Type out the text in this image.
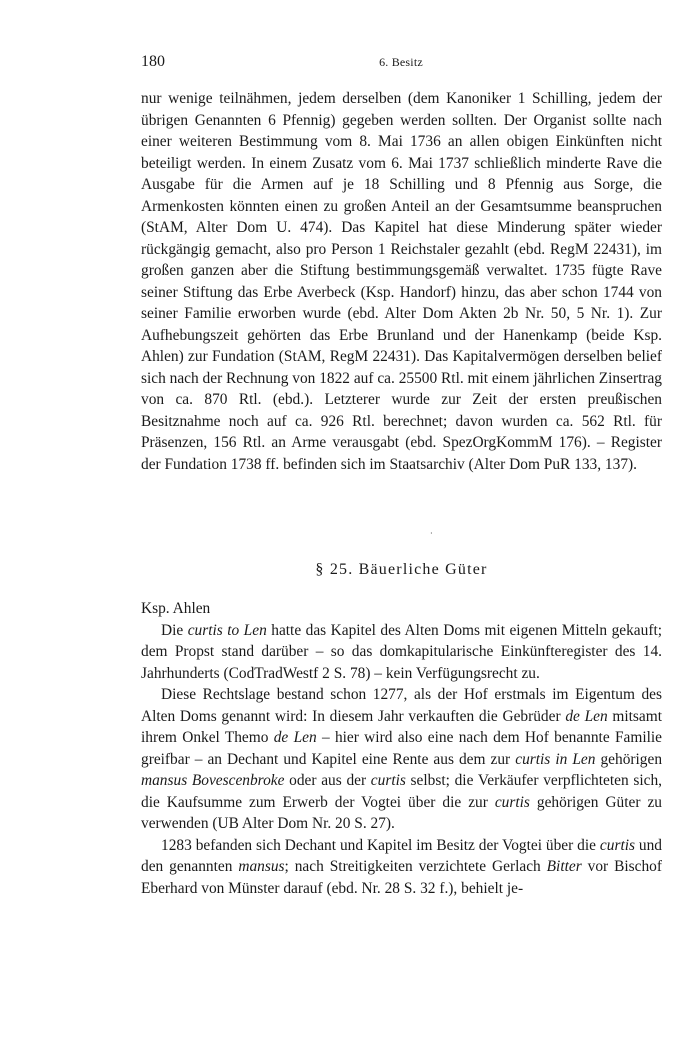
180	6. Besitz

nur wenige teilnähmen, jedem derselben (dem Kanoniker 1 Schilling, jedem der übrigen Genannten 6 Pfennig) gegeben werden sollten. Der Organist sollte nach einer weiteren Bestimmung vom 8. Mai 1736 an allen obigen Einkünften nicht beteiligt werden. In einem Zusatz vom 6. Mai 1737 schließlich minderte Rave die Ausgabe für die Armen auf je 18 Schilling und 8 Pfennig aus Sorge, die Armenkosten könnten einen zu großen Anteil an der Gesamtsumme beanspruchen (StAM, Alter Dom U. 474). Das Kapitel hat diese Minderung später wieder rückgängig gemacht, also pro Person 1 Reichstaler gezahlt (ebd. RegM 22431), im großen ganzen aber die Stiftung bestimmungsgemäß verwaltet. 1735 fügte Rave seiner Stiftung das Erbe Averbeck (Ksp. Handorf) hinzu, das aber schon 1744 von seiner Familie erworben wurde (ebd. Alter Dom Akten 2b Nr. 50, 5 Nr. 1). Zur Aufhebungszeit gehörten das Erbe Brunland und der Hanenkamp (beide Ksp. Ahlen) zur Fundation (StAM, RegM 22431). Das Kapitalvermögen derselben belief sich nach der Rechnung von 1822 auf ca. 25500 Rtl. mit einem jährlichen Zinsertrag von ca. 870 Rtl. (ebd.). Letzterer wurde zur Zeit der ersten preußischen Besitznahme noch auf ca. 926 Rtl. berechnet; davon wurden ca. 562 Rtl. für Präsenzen, 156 Rtl. an Arme verausgabt (ebd. SpezOrgKommM 176). – Register der Fundation 1738 ff. befinden sich im Staatsarchiv (Alter Dom PuR 133, 137).

·
§ 25. Bäuerliche Güter

Ksp. Ahlen

Die curtis to Len hatte das Kapitel des Alten Doms mit eigenen Mitteln gekauft; dem Propst stand darüber – so das domkapitularische Einkünfteregister des 14. Jahrhunderts (CodTradWestf 2 S. 78) – kein Verfügungsrecht zu.

Diese Rechtslage bestand schon 1277, als der Hof erstmals im Eigentum des Alten Doms genannt wird: In diesem Jahr verkauften die Gebrüder de Len mitsamt ihrem Onkel Themo de Len – hier wird also eine nach dem Hof benannte Familie greifbar – an Dechant und Kapitel eine Rente aus dem zur curtis in Len gehörigen mansus Bovescenbroke oder aus der curtis selbst; die Verkäufer verpflichteten sich, die Kaufsumme zum Erwerb der Vogtei über die zur curtis gehörigen Güter zu verwenden (UB Alter Dom Nr. 20 S. 27).

1283 befanden sich Dechant und Kapitel im Besitz der Vogtei über die curtis und den genannten mansus; nach Streitigkeiten verzichtete Gerlach Bitter vor Bischof Eberhard von Münster darauf (ebd. Nr. 28 S. 32 f.), behielt je-
